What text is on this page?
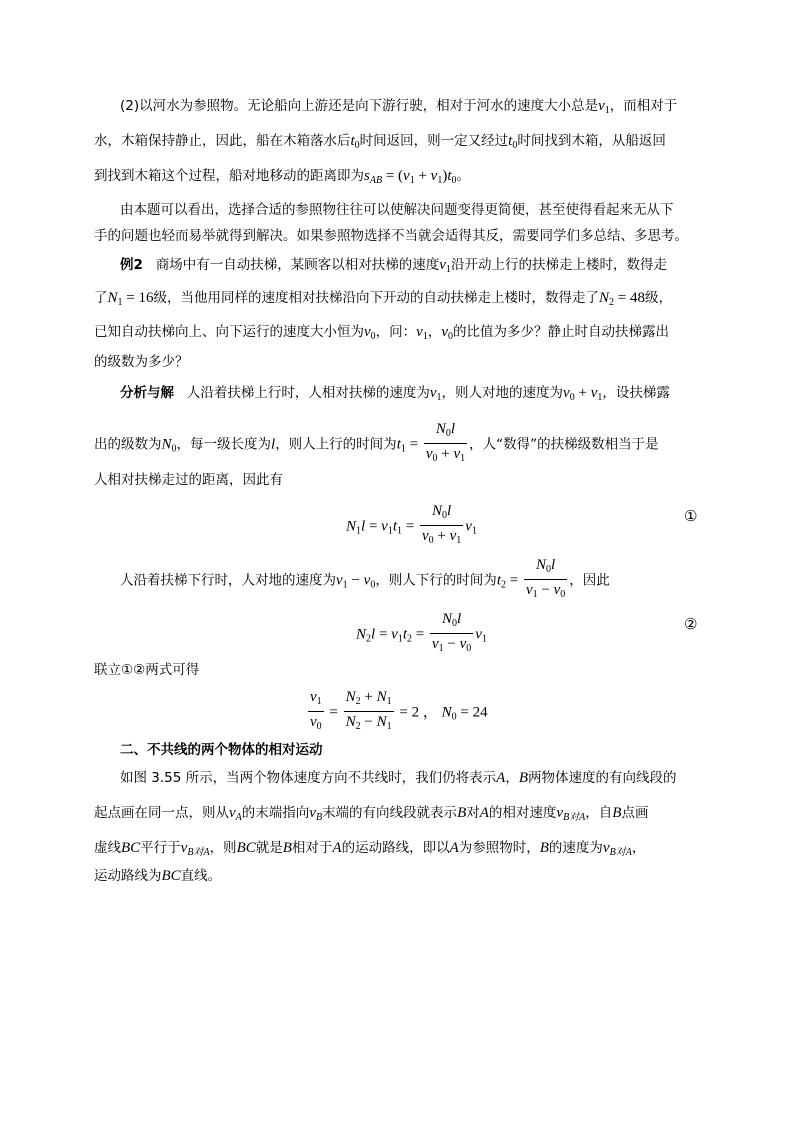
(2)以河水为参照物。无论船向上游还是向下游行驶，相对于河水的速度大小总是$v_1$，而相对于
水，木箱保持静止，因此，船在木箱落水后$t_0$时间返回，则一定又经过$t_0$时间找到木箱，从船返回
到找到木箱这个过程，船对地移动的距离即为$s_{AB} = (v_1 + v_1)t_0$。
由本题可以看出，选择合适的参照物往往可以使解决问题变得更简便，甚至使得看起来无从下
手的问题也轻而易举就得到解决。如果参照物选择不当就会适得其反，需要同学们多总结、多思考。
例2 商场中有一自动扶梯，某顾客以相对扶梯的速度$v_1$沿开动上行的扶梯走上楼时，数得走
了$N_1 = 16$级，当他用同样的速度相对扶梯沿向下开动的自动扶梯走上楼时，数得走了$N_2 = 48$级，
已知自动扶梯向上、向下运行的速度大小恒为$v_0$，问：$v_1$，$v_0$的比值为多少？静止时自动扶梯露出
的级数为多少？
分析与解 人沿着扶梯上行时，人相对扶梯的速度为$v_1$，则人对地的速度为$v_0 + v_1$，设扶梯露
出的级数为$N_0$，每一级长度为l，则人上行的时间为$t_1 = \frac{N_0l}{v_0 + v_1}$ ，人“数得”的扶梯级数相当于是
人相对扶梯走过的距离，因此有
$N_1l = v_1t_1 = \frac{N_0l}{v_0 + v_1} v_1$
①
人沿着扶梯下行时，人对地的速度为$v_1 - v_0$，则人下行的时间为$t_2 = \frac{N_0l}{v_1 - v_0}$ ，因此
$N_2l = v_1t_2 = \frac{N_0l}{v_1 - v_0} v_1$
②
联立①②两式可得
$\frac{v_1}{v_0} = \frac{N_2 + N_1}{N_2 - N_1} = 2$ ， $N_0 = 24$
二、不共线的两个物体的相对运动
如图 3.55 所示，当两个物体速度方向不共线时，我们仍将表示A，B两物体速度的有向线段的
起点画在同一点，则从$v_A$的末端指向$v_B$末端的有向线段就表示B对A的相对速度$v_{B对A}$，自B点画
虚线BC平行于$v_{B对A}$，则BC就是B相对于A的运动路线，即以A为参照物时，B的速度为$v_{B对A}$，
运动路线为BC直线。
